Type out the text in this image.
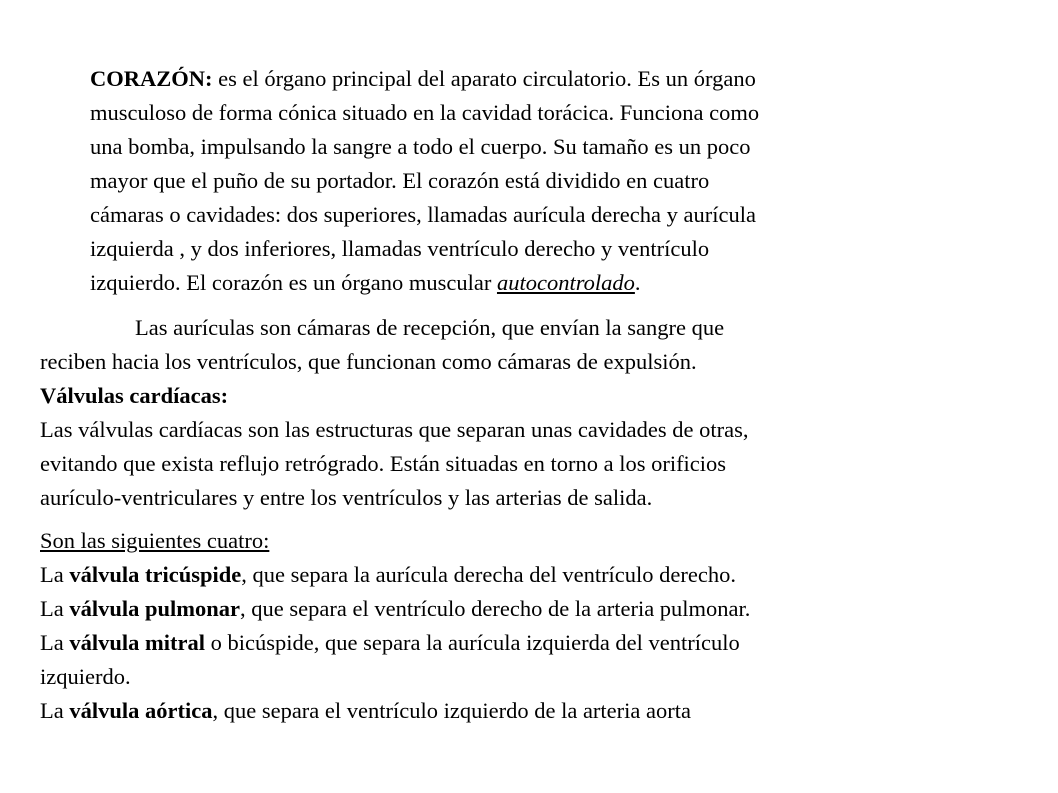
CORAZÓN: es el órgano principal del aparato circulatorio. Es un órgano
musculoso de forma cónica situado en la cavidad torácica. Funciona como
una bomba, impulsando la sangre a todo el cuerpo. Su tamaño es un poco
mayor que el puño de su portador. El corazón está dividido en cuatro
cámaras o cavidades: dos superiores, llamadas aurícula derecha y aurícula
izquierda , y dos inferiores, llamadas ventrículo derecho y ventrículo
izquierdo. El corazón es un órgano muscular autocontrolado.
Las aurículas son cámaras de recepción, que envían la sangre que
reciben hacia los ventrículos, que funcionan como cámaras de expulsión.
Válvulas cardíacas:
Las válvulas cardíacas son las estructuras que separan unas cavidades de otras,
evitando que exista reflujo retrógrado. Están situadas en torno a los orificios
aurículo-ventriculares y entre los ventrículos y las arterias de salida.
Son las siguientes cuatro:
La válvula tricúspide, que separa la aurícula derecha del ventrículo derecho.
La válvula pulmonar, que separa el ventrículo derecho de la arteria pulmonar.
La válvula mitral o bicúspide, que separa la aurícula izquierda del ventrículo
izquierdo.
La válvula aórtica, que separa el ventrículo izquierdo de la arteria aorta
